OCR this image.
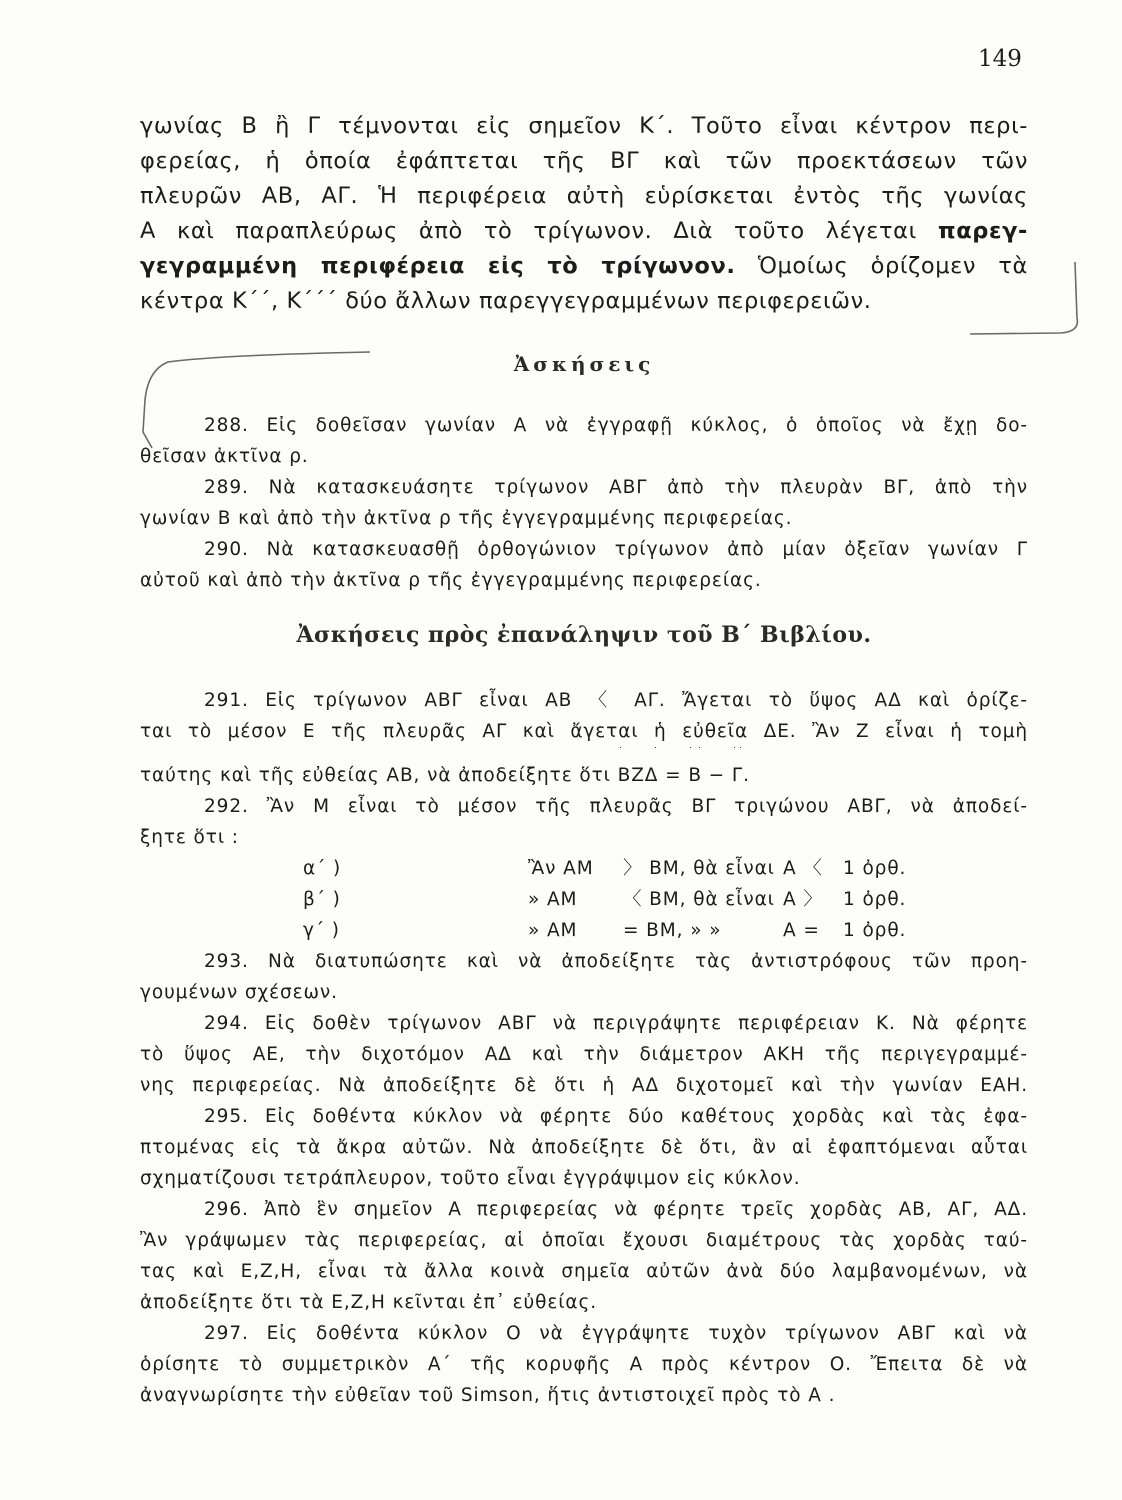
149
γωνίας Β ἢ Γ τέμνονται εἰς σημεῖον Κ΄. Τοῦτο εἶναι κέντρον περι-
φερείας, ἡ ὁποία ἐφάπτεται τῆς ΒΓ καὶ τῶν προεκτάσεων τῶν
πλευρῶν ΑΒ, ΑΓ. Ἡ περιφέρεια αὐτὴ εὑρίσκεται ἐντὸς τῆς γωνίας
Α καὶ παραπλεύρως ἀπὸ τὸ τρίγωνον. Διὰ τοῦτο λέγεται παρεγ-
γεγραμμένη περιφέρεια εἰς τὸ τρίγωνον. Ὁμοίως ὁρίζομεν τὰ
κέντρα Κ΄΄, Κ΄΄΄ δύο ἄλλων παρεγγεγραμμένων περιφερειῶν.
Ἀσκήσεις
288. Εἰς δοθεῖσαν γωνίαν Α νὰ ἐγγραφῇ κύκλος, ὁ ὁποῖος νὰ ἔχῃ δο-
θεῖσαν ἀκτῖνα ρ.
289. Νὰ κατασκευάσητε τρίγωνον ΑΒΓ ἀπὸ τὴν πλευρὰν ΒΓ, ἀπὸ τὴν
γωνίαν Β καὶ ἀπὸ τὴν ἀκτῖνα ρ τῆς ἐγγεγραμμένης περιφερείας.
290. Νὰ κατασκευασθῇ ὀρθογώνιον τρίγωνον ἀπὸ μίαν ὀξεῖαν γωνίαν Γ
αὐτοῦ καὶ ἀπὸ τὴν ἀκτῖνα ρ τῆς ἐγγεγραμμένης περιφερείας.
Ἀσκήσεις πρὸς ἐπανάληψιν τοῦ Β΄ Βιβλίου.
291. Εἰς τρίγωνον ΑΒΓ εἶναι ΑΒ 〈 ΑΓ. Ἄγεται τὸ ὕψος ΑΔ καὶ ὁρίζε-
ται τὸ μέσον Ε τῆς πλευρᾶς ΑΓ καὶ ἄγεται ἡ εὐθεῖα ΔΕ. Ἂν Ζ εἶναι ἡ τομὴ
ταύτης καὶ τῆς εὐθείας ΑΒ, νὰ ἀποδείξητε ὅτι ΒΖΔ = Β − Γ.
292. Ἂν Μ εἶναι τὸ μέσον τῆς πλευρᾶς ΒΓ τριγώνου ΑΒΓ, νὰ ἀποδεί-
ξητε ὅτι :
α΄ )	Ἂν ΑΜ	〉 ΒΜ, θὰ εἶναι Α 〈	1 ὀρθ.
β΄ )	» ΑΜ	〈 ΒΜ, θὰ εἶναι Α 〉	1 ὀρθ.
γ΄ )	» ΑΜ	= ΒΜ, » »	Α =	1 ὀρθ.
293. Νὰ διατυπώσητε καὶ νὰ ἀποδείξητε τὰς ἀντιστρόφους τῶν προη-
γουμένων σχέσεων.
294. Εἰς δοθὲν τρίγωνον ΑΒΓ νὰ περιγράψητε περιφέρειαν Κ. Νὰ φέρητε
τὸ ὕψος ΑΕ, τὴν διχοτόμον ΑΔ καὶ τὴν διάμετρον ΑΚΗ τῆς περιγεγραμμέ-
νης περιφερείας. Νὰ ἀποδείξητε δὲ ὅτι ἡ ΑΔ διχοτομεῖ καὶ τὴν γωνίαν ΕΑΗ.
295. Εἰς δοθέντα κύκλον νὰ φέρητε δύο καθέτους χορδὰς καὶ τὰς ἐφα-
πτομένας εἰς τὰ ἄκρα αὐτῶν. Νὰ ἀποδείξητε δὲ ὅτι, ἂν αἱ ἐφαπτόμεναι αὗται
σχηματίζουσι τετράπλευρον, τοῦτο εἶναι ἐγγράψιμον εἰς κύκλον.
296. Ἀπὸ ἓν σημεῖον Α περιφερείας νὰ φέρητε τρεῖς χορδὰς ΑΒ, ΑΓ, ΑΔ.
Ἂν γράψωμεν τὰς περιφερείας, αἱ ὁποῖαι ἔχουσι διαμέτρους τὰς χορδὰς ταύ-
τας καὶ Ε,Ζ,Η, εἶναι τὰ ἄλλα κοινὰ σημεῖα αὐτῶν ἀνὰ δύο λαμβανομένων, νὰ
ἀποδείξητε ὅτι τὰ Ε,Ζ,Η κεῖνται ἐπ᾽ εὐθείας.
297. Εἰς δοθέντα κύκλον Ο νὰ ἐγγράψητε τυχὸν τρίγωνον ΑΒΓ καὶ νὰ
ὁρίσητε τὸ συμμετρικὸν Α΄ τῆς κορυφῆς Α πρὸς κέντρον Ο. Ἔπειτα δὲ νὰ
ἀναγνωρίσητε τὴν εὐθεῖαν τοῦ Simson, ἥτις ἀντιστοιχεῖ πρὸς τὸ Α .
